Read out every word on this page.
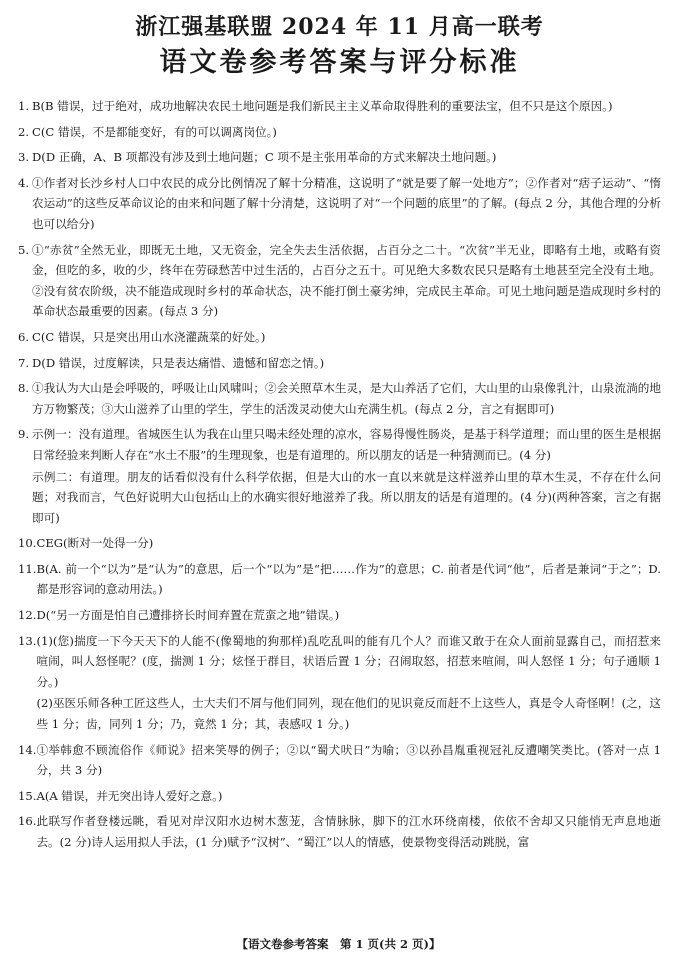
浙江强基联盟 2024 年 11 月高一联考
语文卷参考答案与评分标准
1. B(B 错误，过于绝对，成功地解决农民土地问题是我们新民主主义革命取得胜利的重要法宝，但不只是这个原因。)

2. C(C 错误，不是都能变好，有的可以调离岗位。)

3. D(D 正确，A、B 项都没有涉及到土地问题；C 项不是主张用革命的方式来解决土地问题。)

4. ①作者对长沙乡村人口中农民的成分比例情况了解十分精准，这说明了“就是要了解一处地方”；②作者对“痞子运动”、“惰农运动”的这些反革命议论的由来和问题了解十分清楚，这说明了对“一个问题的底里”的了解。(每点 2 分，其他合理的分析也可以给分)

5. ①“赤贫”全然无业，即既无土地，又无资金，完全失去生活依据，占百分之二十。“次贫”半无业，即略有土地，或略有资金，但吃的多，收的少，终年在劳碌愁苦中过生活的，占百分之五十。可见绝大多数农民只是略有土地甚至完全没有土地。②没有贫农阶级，决不能造成现时乡村的革命状态，决不能打倒土豪劣绅，完成民主革命。可见土地问题是造成现时乡村的革命状态最重要的因素。(每点 3 分)

6. C(C 错误，只是突出用山水浇灌蔬菜的好处。)

7. D(D 错误，过度解读，只是表达痛惜、遗憾和留恋之情。)

8. ①我认为大山是会呼吸的，呼吸让山风啸叫；②会关照草木生灵，是大山养活了它们，大山里的山泉像乳汁，山泉流淌的地方万物繁茂；③大山滋养了山里的学生，学生的活泼灵动使大山充满生机。(每点 2 分，言之有据即可)

9. 示例一：没有道理。省城医生认为我在山里只喝未经处理的凉水，容易得慢性肠炎，是基于科学道理；而山里的医生是根据日常经验来判断人存在“水土不服”的生理现象，也是有道理的。所以朋友的话是一种猜测而已。(4 分)

示例二：有道理。朋友的话看似没有什么科学依据，但是大山的水一直以来就是这样滋养山里的草木生灵，不存在什么问题；对我而言，气色好说明大山包括山上的水确实很好地滋养了我。所以朋友的话是有道理的。(4 分)(两种答案，言之有据即可)

10. CEG(断对一处得一分)

11. B(A. 前一个“以为”是“认为”的意思，后一个“以为”是“把……作为”的意思；C. 前者是代词“他”，后者是兼词“于之”；D. 都是形容词的意动用法。)

12. D(“另一方面是怕自己遭排挤长时间弃置在荒蛮之地”错误。)

13. (1)(您)揣度一下今天天下的人能不(像蜀地的狗那样)乱吃乱叫的能有几个人？而谁又敢于在众人面前显露自己，而招惹来喧闹，叫人怒怪呢？(度，揣测 1 分；炫怪于群目，状语后置 1 分；召闹取怒，招惹来喧闹，叫人怒怪 1 分；句子通顺 1 分。)

(2)巫医乐师各种工匠这些人，士大夫们不屑与他们同列，现在他们的见识竟反而赶不上这些人，真是令人奇怪啊！(之，这些 1 分；齿，同列 1 分；乃，竟然 1 分；其，表感叹 1 分。)

14. ①举韩愈不顾流俗作《师说》招来笑辱的例子；②以“蜀犬吠日”为喻；③以孙昌胤重视冠礼反遭嘲笑类比。(答对一点 1 分，共 3 分)

15. A(A 错误，并无突出诗人爱好之意。)

16. 此联写作者登楼远眺，看见对岸汉阳水边树木葱茏，含情脉脉，脚下的江水环绕南楼，依依不舍却又只能悄无声息地逝去。(2 分)诗人运用拟人手法，(1 分)赋予“汉树”、“蜀江”以人的情感，使景物变得活动跳脱，富

【语文卷参考答案　第 1 页(共 2 页)】
